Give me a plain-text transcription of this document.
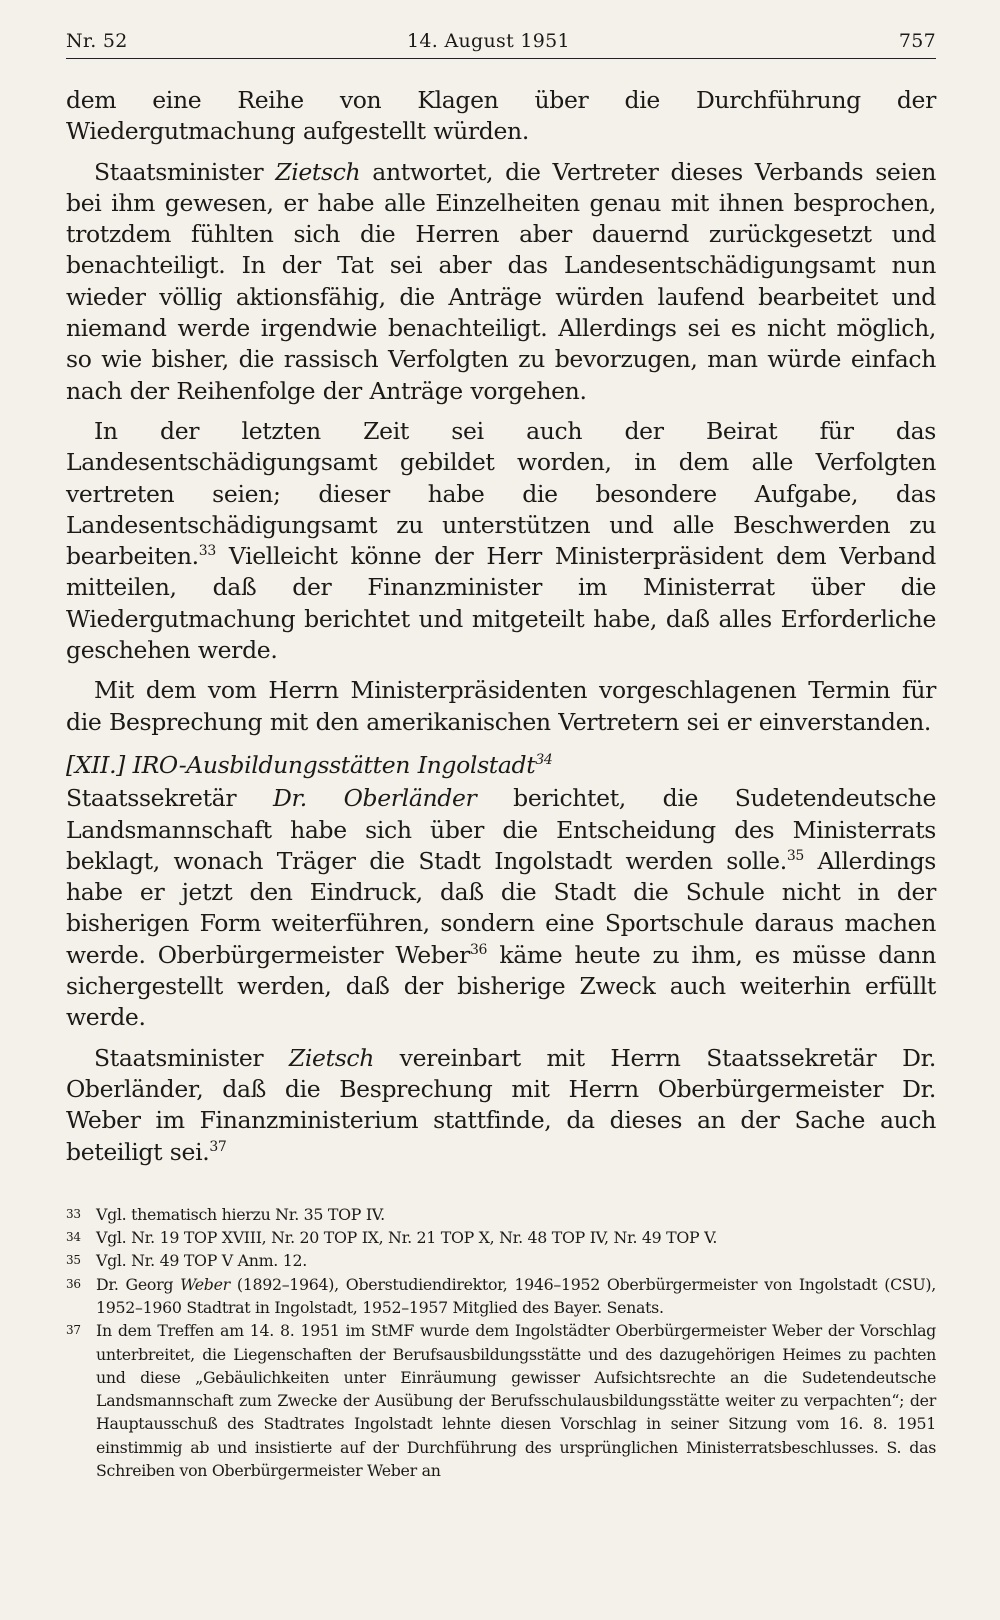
Nr. 52	14. August 1951	757

dem eine Reihe von Klagen über die Durchführung der Wiedergutmachung aufgestellt würden.

Staatsminister Zietsch antwortet, die Vertreter dieses Verbands seien bei ihm gewesen, er habe alle Einzelheiten genau mit ihnen besprochen, trotzdem fühlten sich die Herren aber dauernd zurückgesetzt und benachteiligt. In der Tat sei aber das Landesentschädigungsamt nun wieder völlig aktionsfähig, die Anträge würden laufend bearbeitet und niemand werde irgendwie benachteiligt. Allerdings sei es nicht möglich, so wie bisher, die rassisch Verfolgten zu bevorzugen, man würde einfach nach der Reihenfolge der Anträge vorgehen.

In der letzten Zeit sei auch der Beirat für das Landesentschädigungsamt gebildet worden, in dem alle Verfolgten vertreten seien; dieser habe die besondere Aufgabe, das Landesentschädigungsamt zu unterstützen und alle Beschwerden zu bearbeiten.$^{33}$ Vielleicht könne der Herr Ministerpräsident dem Verband mitteilen, daß der Finanzminister im Ministerrat über die Wiedergutmachung berichtet und mitgeteilt habe, daß alles Erforderliche geschehen werde.

Mit dem vom Herrn Ministerpräsidenten vorgeschlagenen Termin für die Besprechung mit den amerikanischen Vertretern sei er einverstanden.

[XII.] IRO-Ausbildungsstätten Ingolstadt$^{34}$

Staatssekretär Dr. Oberländer berichtet, die Sudetendeutsche Landsmannschaft habe sich über die Entscheidung des Ministerrats beklagt, wonach Träger die Stadt Ingolstadt werden solle.$^{35}$ Allerdings habe er jetzt den Eindruck, daß die Stadt die Schule nicht in der bisherigen Form weiterführen, sondern eine Sportschule daraus machen werde. Oberbürgermeister Weber$^{36}$ käme heute zu ihm, es müsse dann sichergestellt werden, daß der bisherige Zweck auch weiterhin erfüllt werde.

Staatsminister Zietsch vereinbart mit Herrn Staatssekretär Dr. Oberländer, daß die Besprechung mit Herrn Oberbürgermeister Dr. Weber im Finanzministerium stattfinde, da dieses an der Sache auch beteiligt sei.$^{37}$

33 Vgl. thematisch hierzu Nr. 35 TOP IV.
34 Vgl. Nr. 19 TOP XVIII, Nr. 20 TOP IX, Nr. 21 TOP X, Nr. 48 TOP IV, Nr. 49 TOP V.
35 Vgl. Nr. 49 TOP V Anm. 12.
36 Dr. Georg Weber (1892–1964), Oberstudiendirektor, 1946–1952 Oberbürgermeister von Ingolstadt (CSU), 1952–1960 Stadtrat in Ingolstadt, 1952–1957 Mitglied des Bayer. Senats.
37 In dem Treffen am 14. 8. 1951 im StMF wurde dem Ingolstädter Oberbürgermeister Weber der Vorschlag unterbreitet, die Liegenschaften der Berufsausbildungsstätte und des dazugehörigen Heimes zu pachten und diese „Gebäulichkeiten unter Einräumung gewisser Aufsichtsrechte an die Sudetendeutsche Landsmannschaft zum Zwecke der Ausübung der Berufsschulausbildungsstätte weiter zu verpachten“; der Hauptausschuß des Stadtrates Ingolstadt lehnte diesen Vorschlag in seiner Sitzung vom 16. 8. 1951 einstimmig ab und insistierte auf der Durchführung des ursprünglichen Ministerratsbeschlusses. S. das Schreiben von Oberbürgermeister Weber an
